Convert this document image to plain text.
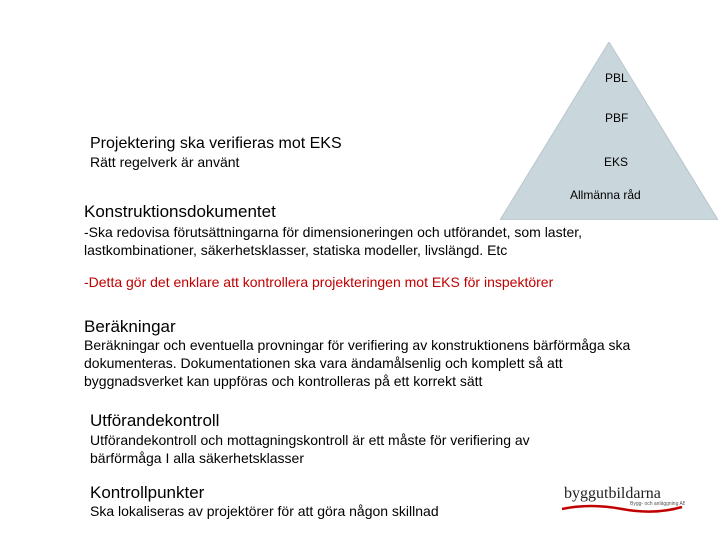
PBL
PBF
EKS
Allmänna råd
Projektering ska verifieras mot EKS
Rätt regelverk är använt
Konstruktionsdokumentet
-Ska redovisa förutsättningarna för dimensioneringen och utförandet, som laster, lastkombinationer, säkerhetsklasser, statiska modeller, livslängd. Etc
-Detta gör det enklare att kontrollera projekteringen mot EKS för inspektörer
Beräkningar
Beräkningar och eventuella provningar för verifiering av konstruktionens bärförmåga ska dokumenteras. Dokumentationen ska vara ändamålsenlig och komplett så att byggnadsverket kan uppföras och kontrolleras på ett korrekt sätt
Utförandekontroll
Utförandekontroll och mottagningskontroll är ett måste för verifiering av bärförmåga I alla säkerhetsklasser
Kontrollpunkter
Ska lokaliseras av projektörer för att göra någon skillnad
byggutbildarna
Bygg- och anläggning AB
